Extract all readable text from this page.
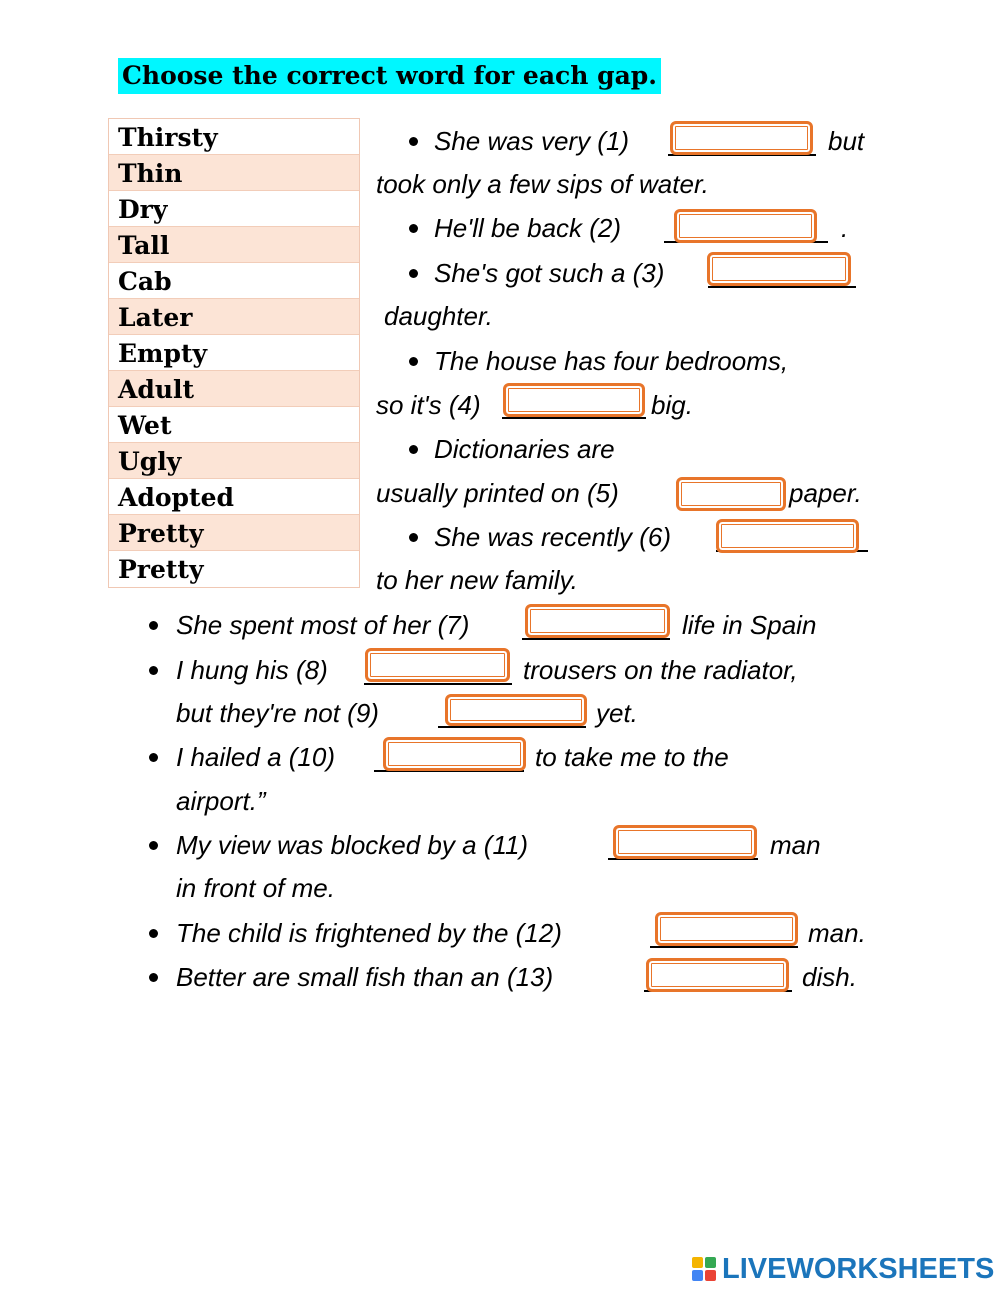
Choose the correct word for each gap.
Thirsty
Thin
Dry
Tall
Cab
Later
Empty
Adult
Wet
Ugly
Adopted
Pretty
Pretty
She was very (1)	but
took only a few sips of water.
He'll be back (2)	.
She's got such a (3)
daughter.
The house has four bedrooms,
so it's (4)	big.
Dictionaries are
usually printed on (5)	paper.
She was recently (6)
to her new family.
She spent most of her (7)	life in Spain
I hung his (8)	trousers on the radiator,
but they're not (9)	yet.
I hailed a (10)	to take me to the
airport.”
My view was blocked by a (11)	man
in front of me.
The child is frightened by the (12)	man.
Better are small fish than an (13)	dish.
LIVEWORKSHEETS
